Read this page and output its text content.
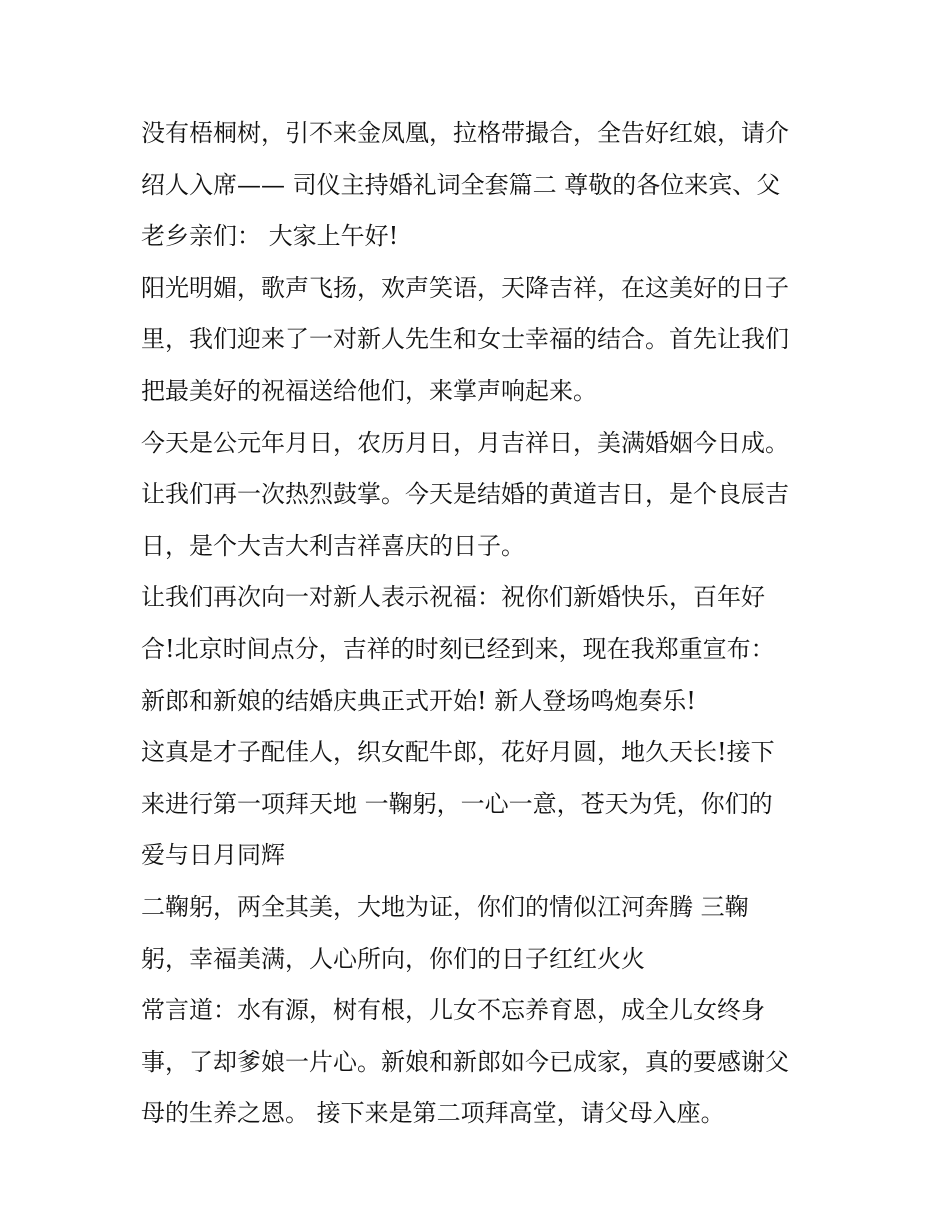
没有梧桐树，引不来金凤凰，拉格带撮合，全告好红娘，请介
绍人入席—— 司仪主持婚礼词全套篇二 尊敬的各位来宾、父
老乡亲们： 大家上午好!
阳光明媚，歌声飞扬，欢声笑语，天降吉祥，在这美好的日子
里，我们迎来了一对新人先生和女士幸福的结合。首先让我们
把最美好的祝福送给他们，来掌声响起来。
今天是公元年月日，农历月日，月吉祥日，美满婚姻今日成。
让我们再一次热烈鼓掌。今天是结婚的黄道吉日，是个良辰吉
日，是个大吉大利吉祥喜庆的日子。
让我们再次向一对新人表示祝福：祝你们新婚快乐，百年好
合!北京时间点分，吉祥的时刻已经到来，现在我郑重宣布：
新郎和新娘的结婚庆典正式开始! 新人登场鸣炮奏乐!
这真是才子配佳人，织女配牛郎，花好月圆，地久天长!接下
来进行第一项拜天地 一鞠躬，一心一意，苍天为凭，你们的
爱与日月同辉
二鞠躬，两全其美，大地为证，你们的情似江河奔腾 三鞠
躬，幸福美满，人心所向，你们的日子红红火火
常言道：水有源，树有根，儿女不忘养育恩，成全儿女终身
事，了却爹娘一片心。新娘和新郎如今已成家，真的要感谢父
母的生养之恩。 接下来是第二项拜高堂，请父母入座。
